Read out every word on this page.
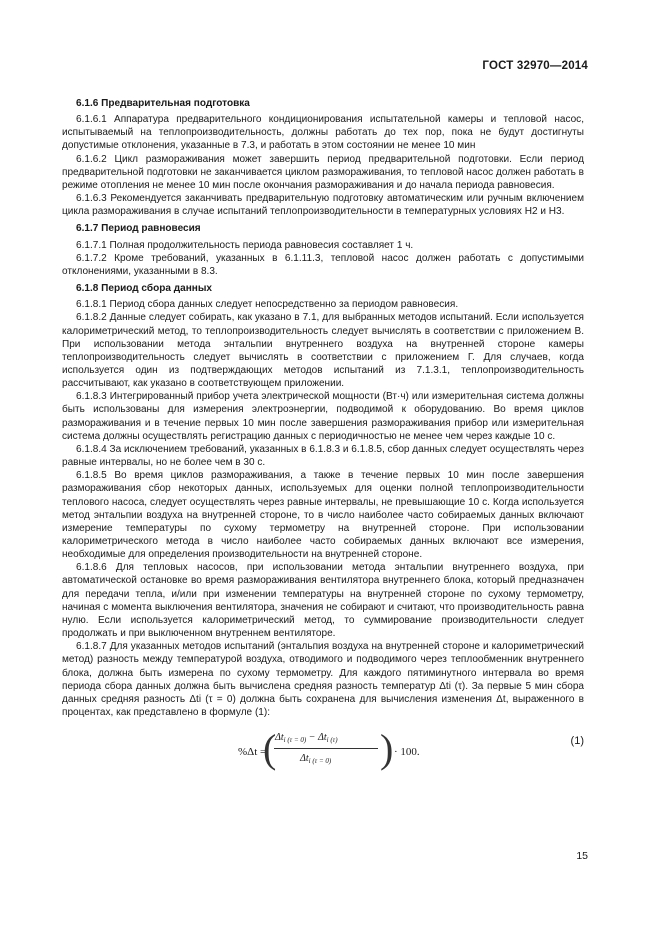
ГОСТ 32970—2014
6.1.6 Предварительная подготовка

6.1.6.1 Аппаратура предварительного кондиционирования испытательной камеры и тепловой насос, испытываемый на теплопроизводительность, должны работать до тех пор, пока не будут достигнуты допустимые отклонения, указанные в 7.3, и работать в этом состоянии не менее 10 мин

6.1.6.2 Цикл размораживания может завершить период предварительной подготовки. Если период предварительной подготовки не заканчивается циклом размораживания, то тепловой насос должен работать в режиме отопления не менее 10 мин после окончания размораживания и до начала периода равновесия.

6.1.6.3 Рекомендуется заканчивать предварительную подготовку автоматическим или ручным включением цикла размораживания в случае испытаний теплопроизводительности в температурных условиях Н2 и Н3.

6.1.7 Период равновесия

6.1.7.1 Полная продолжительность периода равновесия составляет 1 ч.

6.1.7.2 Кроме требований, указанных в 6.1.11.3, тепловой насос должен работать с допустимыми отклонениями, указанными в 8.3.

6.1.8 Период сбора данных

6.1.8.1 Период сбора данных следует непосредственно за периодом равновесия.

6.1.8.2 Данные следует собирать, как указано в 7.1, для выбранных методов испытаний. Если используется калориметрический метод, то теплопроизводительность следует вычислять в соответствии с приложением В. При использовании метода энтальпии внутреннего воздуха на внутренней стороне камеры теплопроизводительность следует вычислять в соответствии с приложением Г. Для случаев, когда используется один из подтверждающих методов испытаний из 7.1.3.1, теплопроизводительность рассчитывают, как указано в соответствующем приложении.

6.1.8.3 Интегрированный прибор учета электрической мощности (Вт·ч) или измерительная система должны быть использованы для измерения электроэнергии, подводимой к оборудованию. Во время циклов размораживания и в течение первых 10 мин после завершения размораживания прибор или измерительная система должны осуществлять регистрацию данных с периодичностью не менее чем через каждые 10 с.

6.1.8.4 За исключением требований, указанных в 6.1.8.3 и 6.1.8.5, сбор данных следует осуществлять через равные интервалы, но не более чем в 30 с.

6.1.8.5 Во время циклов размораживания, а также в течение первых 10 мин после завершения размораживания сбор некоторых данных, используемых для оценки полной теплопроизводительности теплового насоса, следует осуществлять через равные интервалы, не превышающие 10 с. Когда используется метод энтальпии воздуха на внутренней стороне, то в число наиболее часто собираемых данных включают измерение температуры по сухому термометру на внутренней стороне. При использовании калориметрического метода в число наиболее часто собираемых данных включают все измерения, необходимые для определения производительности на внутренней стороне.

6.1.8.6 Для тепловых насосов, при использовании метода энтальпии внутреннего воздуха, при автоматической остановке во время размораживания вентилятора внутреннего блока, который предназначен для передачи тепла, и/или при изменении температуры на внутренней стороне по сухому термометру, начиная с момента выключения вентилятора, значения не собирают и считают, что производительность равна нулю. Если используется калориметрический метод, то суммирование производительности следует продолжать и при выключенном внутреннем вентиляторе.

6.1.8.7 Для указанных методов испытаний (энтальпия воздуха на внутренней стороне и калориметрический метод) разность между температурой воздуха, отводимого и подводимого через теплообменник внутреннего блока, должна быть измерена по сухому термометру. Для каждого пятиминутного интервала во время периода сбора данных должна быть вычислена средняя разность температур Δti (τ). За первые 5 мин сбора данных средняя разность Δti (τ = 0) должна быть сохранена для вычисления изменения Δt, выраженного в процентах, как представлено в формуле (1):

%Δt =
(
$\Delta t_{i (\tau = 0)} - \Delta t_{i (\tau)}$
$\Delta t_{i (\tau = 0)}$ ) · 100.
(1)
15
